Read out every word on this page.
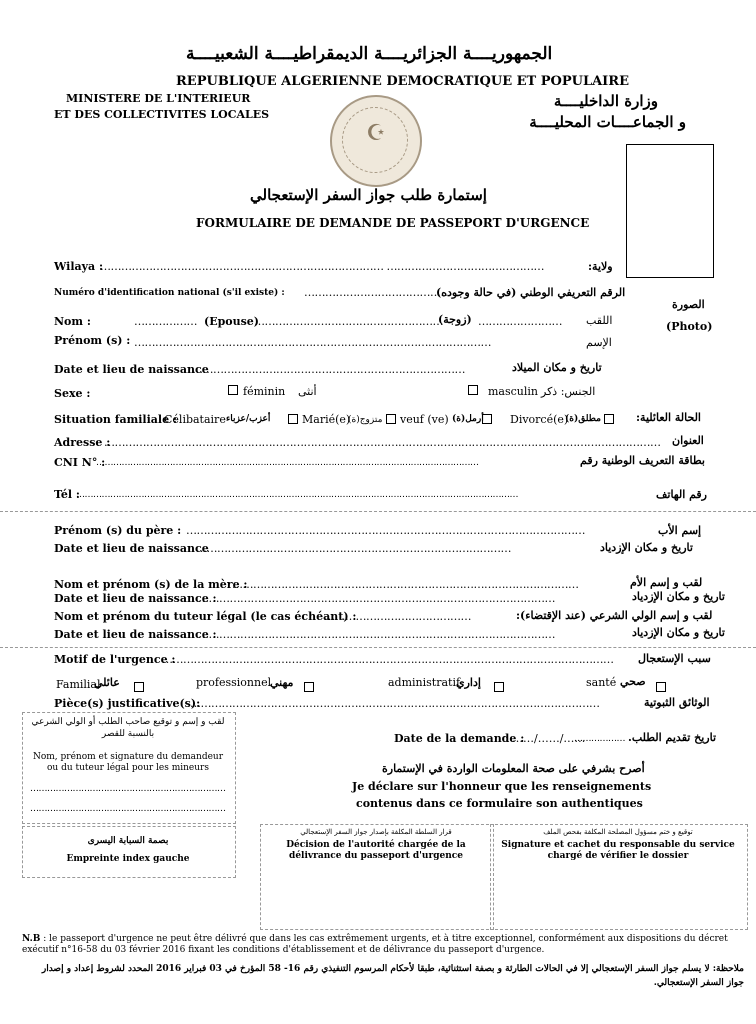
الجمهوريــــة الجزائريــــة الديمقراطيــــة الشعبيــــة
REPUBLIQUE ALGERIENNE DEMOCRATIQUE ET POPULAIRE
MINISTERE DE L'INTERIEUR
ET DES COLLECTIVITES LOCALES
وزارة الداخليــــة
و الجماعــــات المحليــــة
☪
الصورة
(Photo)
إستمارة طلب جواز السفر الإستعجالي
FORMULAIRE DE DEMANDE DE PASSEPORT D'URGENCE
Wilaya :
……………………………………………………………………… ………………………………………	ولاية:
Numéro d'identification national (s'il existe) : ……………………………………
الرقم التعريفي الوطني (في حالة وجوده)
Nom :	……………… (Epouse)
………………………………………………
(زوجة) …………………… اللقب
Prénom (s) : …………………………………………………………………………………………	الإسم
Date et lieu de naissance
……………………………………………………………………	تاريخ و مكان الميلاد
Sexe :	féminin أنثى	masculin الجنس: ذكر
Situation familiale :
Célibataire أعزب/عزباء	Marié(e)
متزوج(ة) veuf (ve) أرمل(ة) Divorcé(e)
مطلق(ة)	الحالة العائلية:
Adresse :
…………………………………………………………………………………………………………………………………………… العنوان
CNI N° :
………………………………………………………………………………………………………………………	بطاقة التعريف الوطنية رقم
Tél :
…………………………………………………………………………………………………………………………………………	رقم الهاتف
Prénom (s) du père : ……………………………………………………………………………………………………	إسم الأب
Date et lieu de naissance
………………………………………………………………………………	تاريخ و مكان الإزدياد
Nom et prénom (s) de la mère :
………………………………………………………………………………………	لقب و إسم الأم
Date et lieu de naissance :
…………………………………………………………………………………………	تاريخ و مكان الإزدياد
Nom et prénom du tuteur légal (le cas échéant) :
……………………………………	لقب و إسم الولي الشرعي (عند الإقتضاء):
Date et lieu de naissance :
…………………………………………………………………………………………	تاريخ و مكان الإزدياد
Motif de l'urgence :
………………………………………………………………………………………………………………… سبب الإستعجال
Familial
عائلي	professionnel
مهني	administratif
إداري	santé صحي
Pièce(s) justificative(s):
………………………………………………………………………………………………………	الوثائق الثبوتية
لقب و إسم و توقيع صاحب الطلب أو الولي الشرعي بالنسبة للقصر
Nom, prénom et signature du demandeur ou du tuteur légal pour les mineurs
……………………………………………………………
……………………………………………………………
Date de la demande :
……/……/……
……………… تاريخ تقديم الطلب.
أصرح بشرفي على صحة المعلومات الواردة في الإستمارة
Je déclare sur l'honneur que les renseignements
contenus dans ce formulaire son authentiques
بصمة السبابة اليسرى
Empreinte index gauche
قرار السلطة المكلفة بإصدار جواز السفر الإستعجالي
Décision de l'autorité chargée de la délivrance du passeport d'urgence
توقيع و ختم مسؤول المصلحة المكلفة بفحص الملف
Signature et cachet du responsable du service chargé de vérifier le dossier
N.B : le passeport d'urgence ne peut être délivré que dans les cas extrêmement urgents, et à titre exceptionnel, conformément aux dispositions du décret exécutif n°16-58 du 03 février 2016 fixant les conditions d'établissement et de délivrance du passeport d'urgence.
ملاحظة: لا يسلم جواز السفر الإستعجالي إلا في الحالات الطارئة و بصفة استثنائية، طبقا لأحكام المرسوم التنفيذي رقم 16- 58 المؤرخ في 03 فبراير 2016 المحدد لشروط إعداد و إصدار جواز السفر الإستعجالي.
